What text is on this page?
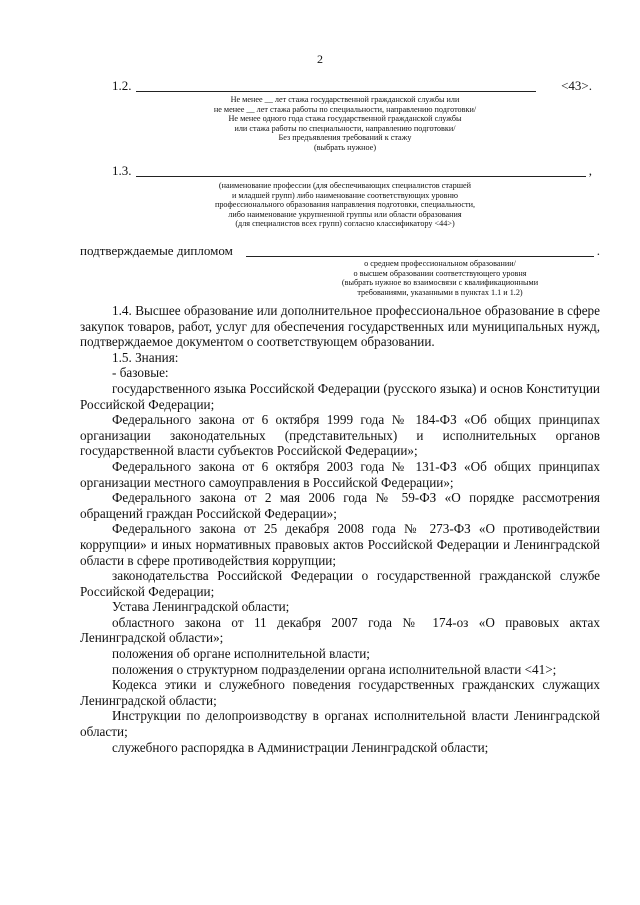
2
1.2.	<43>.
Не менее __ лет стажа государственной гражданской службы или
не менее __ лет стажа работы по специальности, направлению подготовки/
Не менее одного года стажа государственной гражданской службы
или стажа работы по специальности, направлению подготовки/
Без предъявления требований к стажу
(выбрать нужное)
1.3.	,
(наименование профессии (для обеспечивающих специалистов старшей
и младшей групп) либо наименование соответствующих уровню
профессионального образования направления подготовки, специальности,
либо наименование укрупненной группы или области образования
(для специалистов всех групп) согласно классификатору <44>)
подтверждаемые дипломом	.
о среднем профессиональном образовании/
о высшем образовании соответствующего уровня
(выбрать нужное во взаимосвязи с квалификационными
требованиями, указанными в пунктах 1.1 и 1.2)

1.4. Высшее образование или дополнительное профессиональное образование в сфере закупок товаров, работ, услуг для обеспечения государственных или муниципальных нужд, подтверждаемое документом о соответствующем образовании.

1.5. Знания:

- базовые:

государственного языка Российской Федерации (русского языка) и основ Конституции Российской Федерации;

Федерального закона от 6 октября 1999 года № 184-ФЗ «Об общих принципах организации законодательных (представительных) и исполнительных органов государственной власти субъектов Российской Федерации»;

Федерального закона от 6 октября 2003 года № 131-ФЗ «Об общих принципах организации местного самоуправления в Российской Федерации»;

Федерального закона от 2 мая 2006 года № 59-ФЗ «О порядке рассмотрения обращений граждан Российской Федерации»;

Федерального закона от 25 декабря 2008 года № 273-ФЗ «О противодействии коррупции» и иных нормативных правовых актов Российской Федерации и Ленинградской области в сфере противодействия коррупции;

законодательства Российской Федерации о государственной гражданской службе Российской Федерации;

Устава Ленинградской области;

областного закона от 11 декабря 2007 года № 174-оз «О правовых актах Ленинградской области»;

положения об органе исполнительной власти;

положения о структурном подразделении органа исполнительной власти <41>;

Кодекса этики и служебного поведения государственных гражданских служащих Ленинградской области;

Инструкции по делопроизводству в органах исполнительной власти Ленинградской области;

служебного распорядка в Администрации Ленинградской области;
